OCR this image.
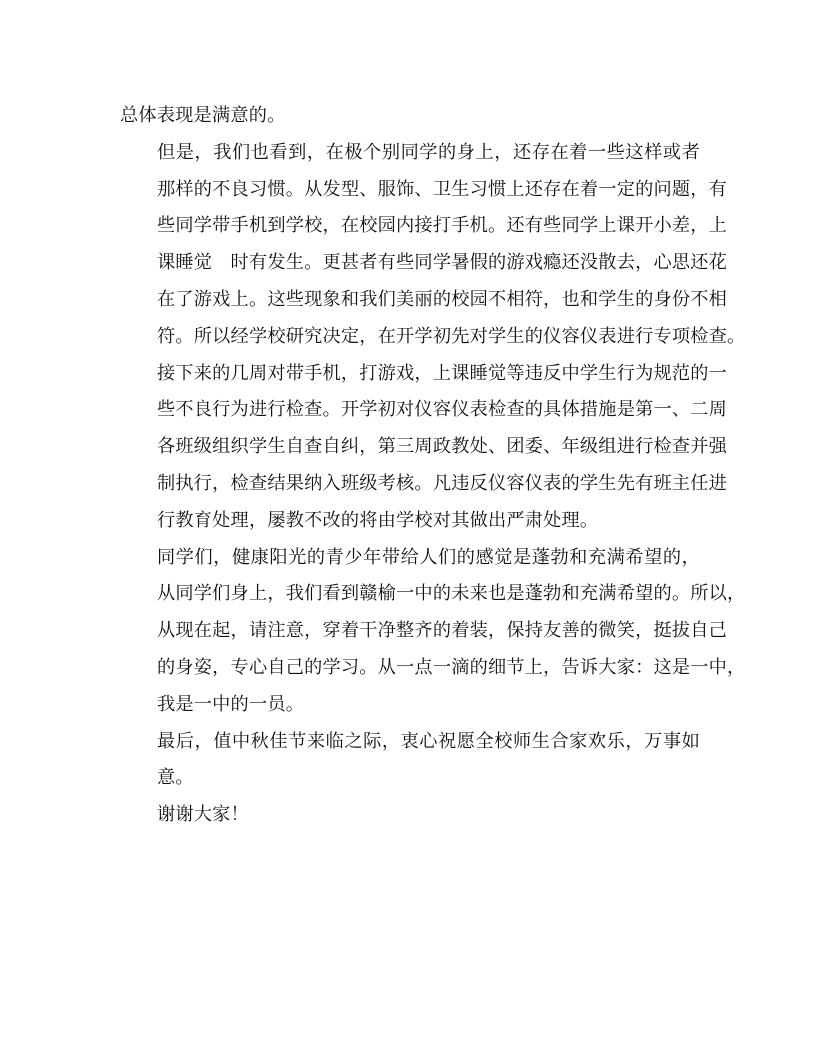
总体表现是满意的。

但是，我们也看到，在极个别同学的身上，还存在着一些这样或者
那样的不良习惯。从发型、服饰、卫生习惯上还存在着一定的问题，有
些同学带手机到学校，在校园内接打手机。还有些同学上课开小差，上
课睡觉　时有发生。更甚者有些同学暑假的游戏瘾还没散去，心思还花
在了游戏上。这些现象和我们美丽的校园不相符，也和学生的身份不相
符。所以经学校研究决定，在开学初先对学生的仪容仪表进行专项检查。
接下来的几周对带手机，打游戏，上课睡觉等违反中学生行为规范的一
些不良行为进行检查。开学初对仪容仪表检查的具体措施是第一、二周
各班级组织学生自查自纠，第三周政教处、团委、年级组进行检查并强
制执行，检查结果纳入班级考核。凡违反仪容仪表的学生先有班主任进
行教育处理，屡教不改的将由学校对其做出严肃处理。

同学们，健康阳光的青少年带给人们的感觉是蓬勃和充满希望的，
从同学们身上，我们看到赣榆一中的未来也是蓬勃和充满希望的。所以，
从现在起，请注意，穿着干净整齐的着装，保持友善的微笑，挺拔自己
的身姿，专心自己的学习。从一点一滴的细节上，告诉大家：这是一中，
我是一中的一员。

最后，值中秋佳节来临之际，衷心祝愿全校师生合家欢乐，万事如
意。

谢谢大家！
